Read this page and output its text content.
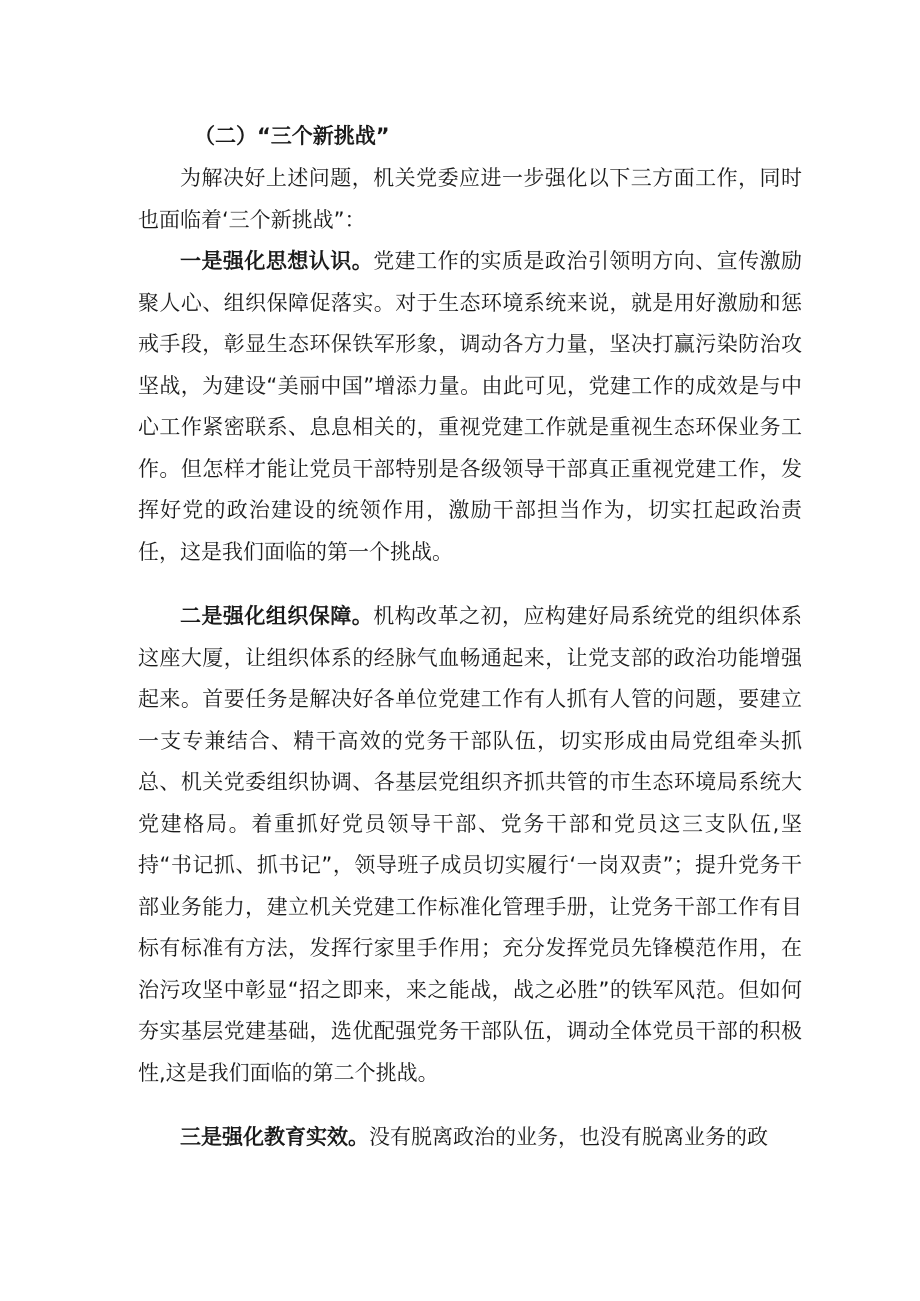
（二）“三个新挑战”

为解决好上述问题，机关党委应进一步强化以下三方面工作，同时也面临着‘三个新挑战”：

一是强化思想认识。党建工作的实质是政治引领明方向、宣传激励聚人心、组织保障促落实。对于生态环境系统来说，就是用好激励和惩戒手段，彰显生态环保铁军形象，调动各方力量，坚决打赢污染防治攻坚战，为建设“美丽中国”增添力量。由此可见，党建工作的成效是与中心工作紧密联系、息息相关的，重视党建工作就是重视生态环保业务工作。但怎样才能让党员干部特别是各级领导干部真正重视党建工作，发挥好党的政治建设的统领作用，激励干部担当作为，切实扛起政治责任，这是我们面临的第一个挑战。

二是强化组织保障。机构改革之初，应构建好局系统党的组织体系这座大厦，让组织体系的经脉气血畅通起来，让党支部的政治功能增强起来。首要任务是解决好各单位党建工作有人抓有人管的问题，要建立一支专兼结合、精干高效的党务干部队伍，切实形成由局党组牵头抓总、机关党委组织协调、各基层党组织齐抓共管的市生态环境局系统大党建格局。着重抓好党员领导干部、党务干部和党员这三支队伍,坚持“书记抓、抓书记”，领导班子成员切实履行‘一岗双责”；提升党务干部业务能力，建立机关党建工作标准化管理手册，让党务干部工作有目标有标准有方法，发挥行家里手作用；充分发挥党员先锋模范作用，在治污攻坚中彰显“招之即来，来之能战，战之必胜”的铁军风范。但如何夯实基层党建基础，选优配强党务干部队伍，调动全体党员干部的积极性,这是我们面临的第二个挑战。

三是强化教育实效。没有脱离政治的业务，也没有脱离业务的政
